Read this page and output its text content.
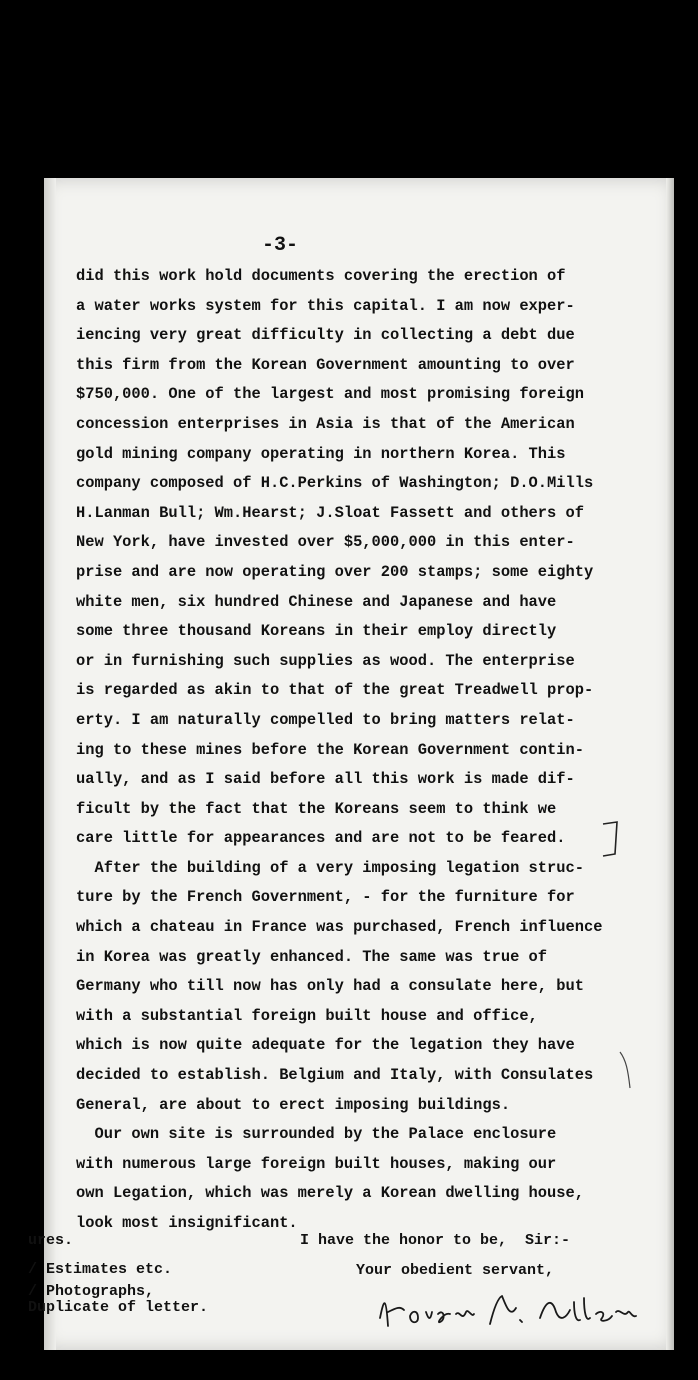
-3-
did this work hold documents covering the erection of
a water works system for this capital. I am now exper-
iencing very great difficulty in collecting a debt due
this firm from the Korean Government amounting to over
$750,000. One of the largest and most promising foreign
concession enterprises in Asia is that of the American
gold mining company operating in northern Korea. This
company composed of H.C.Perkins of Washington; D.O.Mills
H.Lanman Bull; Wm.Hearst; J.Sloat Fassett and others of
New York, have invested over $5,000,000 in this enter-
prise and are now operating over 200 stamps; some eighty
white men, six hundred Chinese and Japanese and have
some three thousand Koreans in their employ directly
or in furnishing such supplies as wood. The enterprise
is regarded as akin to that of the great Treadwell prop-
erty. I am naturally compelled to bring matters relat-
ing to these mines before the Korean Government contin-
ually, and as I said before all this work is made dif-
ficult by the fact that the Koreans seem to think we
care little for appearances and are not to be feared.
After the building of a very imposing legation struc-
ture by the French Government, - for the furniture for
which a chateau in France was purchased, French influence
in Korea was greatly enhanced. The same was true of
Germany who till now has only had a consulate here, but
with a substantial foreign built house and office,
which is now quite adequate for the legation they have
decided to establish. Belgium and Italy, with Consulates
General, are about to erect imposing buildings.
Our own site is surrounded by the Palace enclosure
with numerous large foreign built houses, making our
own Legation, which was merely a Korean dwelling house,
look most insignificant.
ures.
/ Estimates etc.
/ Photographs,
Duplicate of letter.
I have the honor to be,  Sir:-
Your obedient servant,
